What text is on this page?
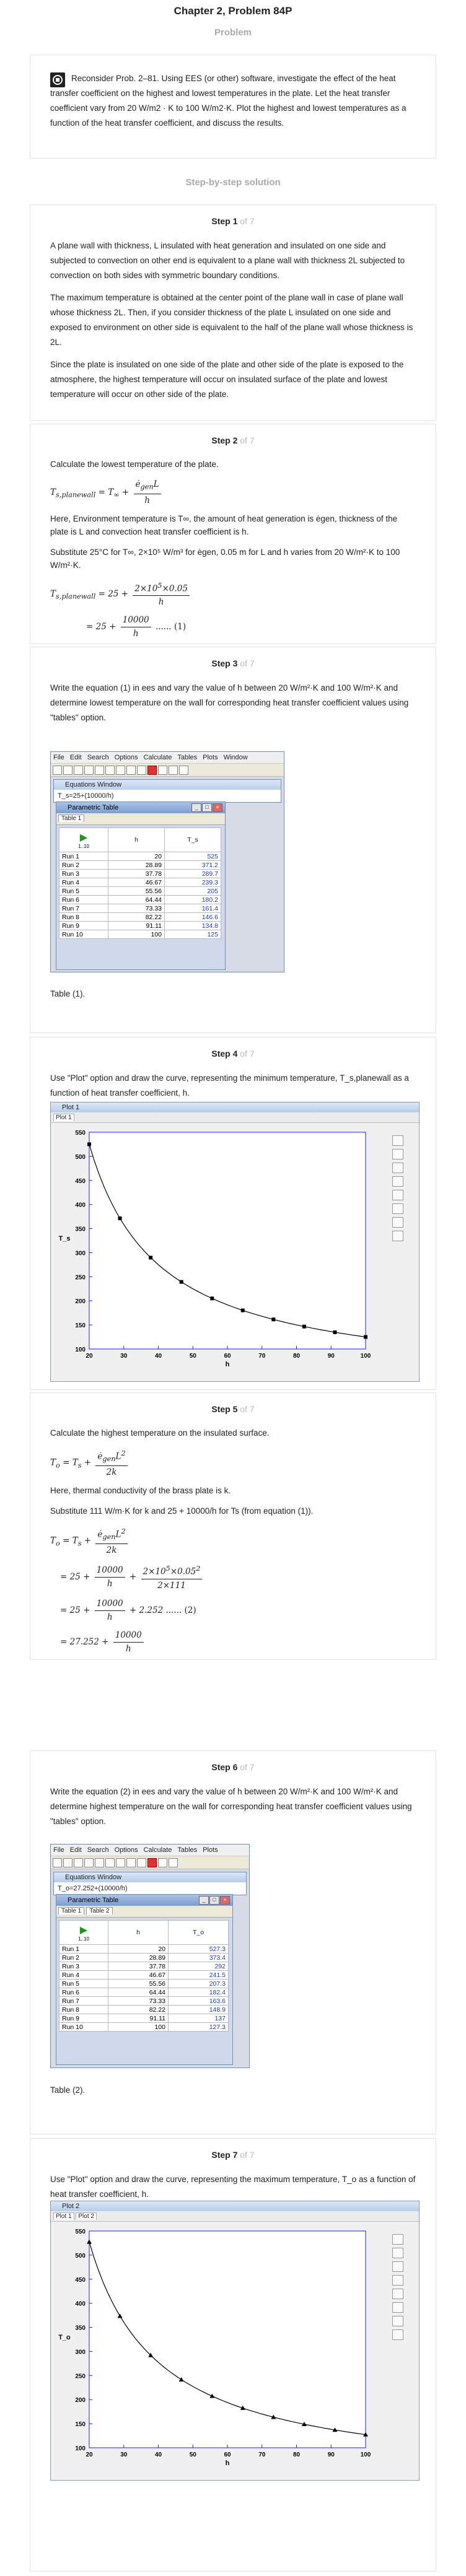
Chapter 2, Problem 84P
Problem
Reconsider Prob. 2–81. Using EES (or other) software, investigate the effect of the heat transfer coefficient on the highest and lowest temperatures in the plate. Let the heat transfer coefficient vary from 20 W/m2 · K to 100 W/m2·K. Plot the highest and lowest temperatures as a function of the heat transfer coefficient, and discuss the results.
Step-by-step solution
Step 1 of 7

A plane wall with thickness, L insulated with heat generation and insulated on one side and subjected to convection on other end is equivalent to a plane wall with thickness 2L subjected to convection on both sides with symmetric boundary conditions.

The maximum temperature is obtained at the center point of the plane wall in case of plane wall whose thickness 2L. Then, if you consider thickness of the plate L insulated on one side and exposed to environment on other side is equivalent to the half of the plane wall whose thickness is 2L.

Since the plate is insulated on one side of the plate and other side of the plate is exposed to the atmosphere, the highest temperature will occur on insulated surface of the plate and lowest temperature will occur on other side of the plate.

Step 2 of 7

Calculate the lowest temperature of the plate.

$T_{s,planewall} = T_\infty + \frac{ė_{gen}L}{h}$

Here, Environment temperature is T∞, the amount of heat generation is ėgen, thickness of the plate is L and convection heat transfer coefficient is h.

Substitute 25°C for T∞, 2×10⁵ W/m³ for ėgen, 0.05 m for L and h varies from 20 W/m²·K to 100 W/m²·K.

$T_{s,planewall} = 25 + \frac{2\times 10^5\times 0.05}{h}$
= $25 + \frac{10000}{h}$ ...... (1)
Step 3 of 7

Write the equation (1) in ees and vary the value of h between 20 W/m²·K and 100 W/m²·K and determine lowest temperature on the wall for corresponding heat transfer coefficient values using "tables" option.

File Edit Search Options Calculate Tables Plots Window
Equations Window
T_s=25+(10000/h)
Parametric Table	_ □ ×
Table 1
▶
1..10	h	T_s
Run 1	20	525
Run 2	28.89	371.2
Run 3	37.78	289.7
Run 4	46.67	239.3
Run 5	55.56	205
Run 6	64.44	180.2
Run 7	73.33	161.4
Run 8	82.22	146.6
Run 9	91.11	134.8
Run 10	100	125
Table (1).
Step 4 of 7

Use "Plot" option and draw the curve, representing the minimum temperature, T_s,planewall as a function of heat transfer coefficient, h.

Plot 1
Plot 1
20	30	40	50	60	70	80	90	100
100
150
200
250
300
350
400
450
500
550
h
T_s
Step 5 of 7

Calculate the highest temperature on the insulated surface.

$T_o = T_s + \frac{ė_{gen}L^2}{2k}$

Here, thermal conductivity of the brass plate is k.

Substitute 111 W/m·K for k and 25 + 10000/h for Ts (from equation (1)).

$T_o = T_s + \frac{ė_{gen}L^2}{2k}$
= $25 + \frac{10000}{h} + \frac{2\times 10^5\times 0.05^2}{2\times 111}$
= $25 + \frac{10000}{h} + 2.252$ ...... (2)
= $27.252 + \frac{10000}{h}$
Step 6 of 7

Write the equation (2) in ees and vary the value of h between 20 W/m²·K and 100 W/m²·K and determine highest temperature on the wall for corresponding heat transfer coefficient values using "tables" option.

File Edit Search Options Calculate Tables Plots
Equations Window
T_o=27.252+(10000/h)
Parametric Table	_ □ ×
Table 1 Table 2
▶
1..10	h	T_o
Run 1	20	527.3
Run 2	28.89	373.4
Run 3	37.78	292
Run 4	46.67	241.5
Run 5	55.56	207.3
Run 6	64.44	182.4
Run 7	73.33	163.6
Run 8	82.22	148.9
Run 9	91.11	137
Run 10	100	127.3
Table (2).
Step 7 of 7

Use "Plot" option and draw the curve, representing the maximum temperature, T_o as a function of heat transfer coefficient, h.

Plot 2
Plot 1 Plot 2
20	30	40	50	60	70	80	90	100
100
150
200
250
300
350
400
450
500
550
h
T_o
